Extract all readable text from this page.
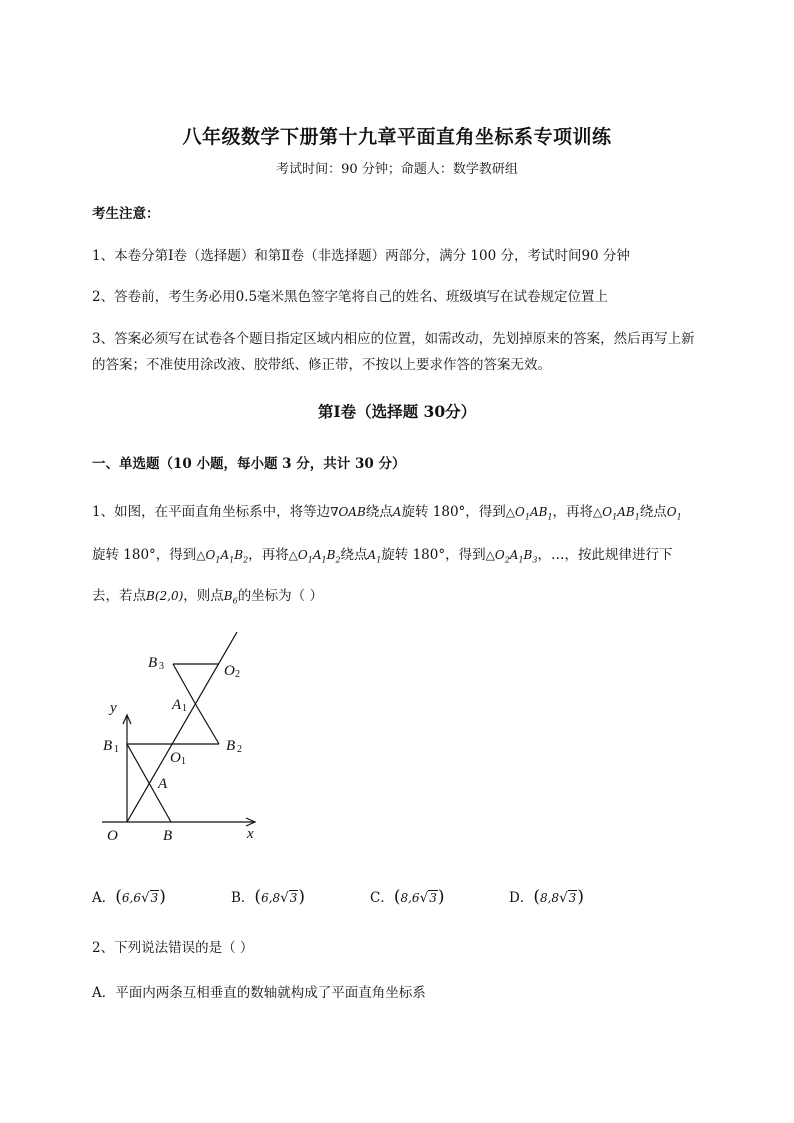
八年级数学下册第十九章平面直角坐标系专项训练
考试时间：90 分钟；命题人：数学教研组
考生注意：
1、本卷分第Ⅰ卷（选择题）和第Ⅱ卷（非选择题）两部分，满分 100 分，考试时间90 分钟
2、答卷前，考生务必用0.5毫米黑色签字笔将自己的姓名、班级填写在试卷规定位置上
3、答案必须写在试卷各个题目指定区域内相应的位置，如需改动，先划掉原来的答案，然后再写上新
的答案；不准使用涂改液、胶带纸、修正带，不按以上要求作答的答案无效。
第Ⅰ卷（选择题 30分）
一、单选题（10 小题，每小题 3 分，共计 30 分）
1、如图，在平面直角坐标系中，将等边∇OAB绕点A旋转 180°，得到$\triangle O_1AB_1$，再将$\triangle O_1AB_1$绕点$O_1$
旋转 180°，得到$\triangle O_1A_1B_2$，再将$\triangle O_1A_1B_2$绕点$A_1$旋转 180°，得到$\triangle O_2A_1B_3$，…，按此规律进行下
去，若点B(2,0)，则点$B_6$的坐标为（ ）
y
x
O	B
A
B 1
O 1
A 1
B 2
B 3	O 2
A．(6,6√3)	B．(6,8√3)	C．(8,6√3)	D．(8,8√3)
2、下列说法错误的是（ ）
A．平面内两条互相垂直的数轴就构成了平面直角坐标系
